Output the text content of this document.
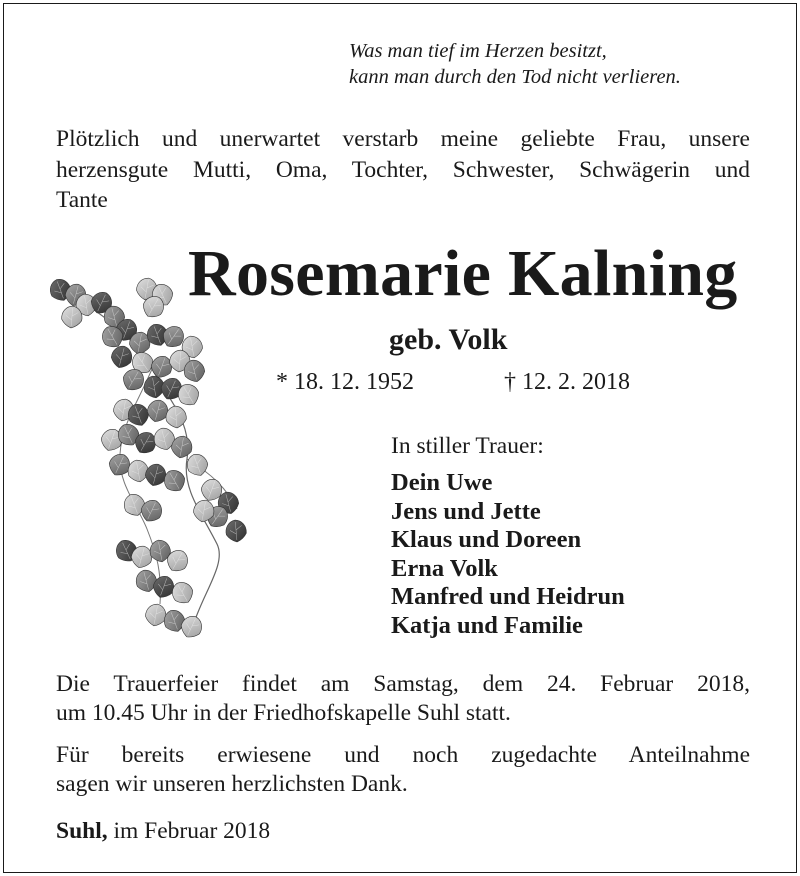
Was man tief im Herzen besitzt,
kann man durch den Tod nicht verlieren.
Plötzlich und unerwartet verstarb meine geliebte Frau, unsere
herzensgute Mutti, Oma, Tochter, Schwester, Schwägerin und
Tante
Rosemarie Kalning
geb. Volk
* 18. 12. 1952	† 12. 2. 2018
In stiller Trauer:
Dein Uwe
Jens und Jette
Klaus und Doreen
Erna Volk
Manfred und Heidrun
Katja und Familie
Die Trauerfeier findet am Samstag, dem 24. Februar 2018,
um 10.45 Uhr in der Friedhofskapelle Suhl statt.
Für bereits erwiesene und noch zugedachte Anteilnahme
sagen wir unseren herzlichsten Dank.
Suhl, im Februar 2018
